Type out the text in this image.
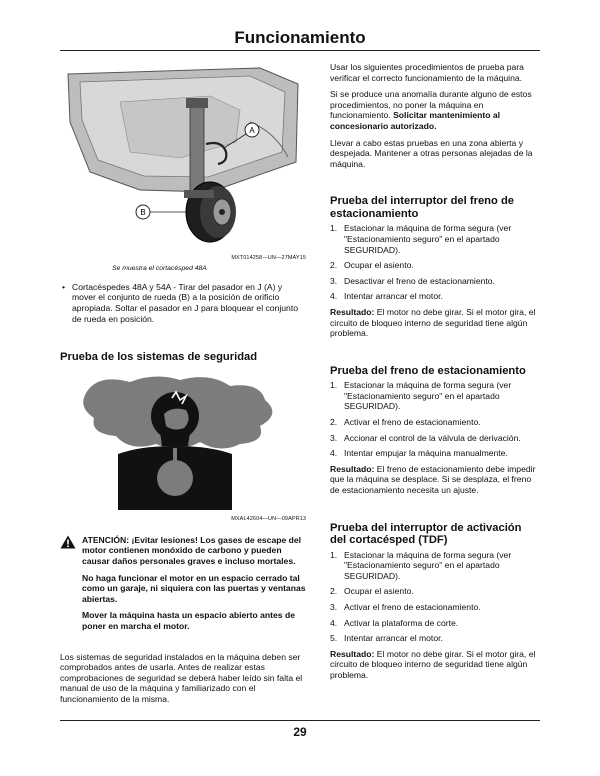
Funcionamiento
A
B
MXT014258—UN—27MAY15
Se muestra el cortacésped 48A
• Cortacéspedes 48A y 54A - Tirar del pasador en J (A) y mover el conjunto de rueda (B) a la posición de orificio apropiada. Soltar el pasador en J para bloquear el conjunto de rueda en posición.
Prueba de los sistemas de seguridad
MXAL42604—UN—09APR13

ATENCIÓN: ¡Evitar lesiones! Los gases de escape del motor contienen monóxido de carbono y pueden causar daños personales graves e incluso mortales.

No haga funcionar el motor en un espacio cerrado tal como un garaje, ni siquiera con las puertas y ventanas abiertas.

Mover la máquina hasta un espacio abierto antes de poner en marcha el motor.

Los sistemas de seguridad instalados en la máquina deben ser comprobados antes de usarla. Antes de realizar estas comprobaciones de seguridad se deberá haber leído sin falta el manual de uso de la máquina y familiarizado con el funcionamiento de la misma.

Usar los siguientes procedimientos de prueba para verificar el correcto funcionamiento de la máquina.

Si se produce una anomalía durante alguno de estos procedimientos, no poner la máquina en funcionamiento. Solicitar mantenimiento al concesionario autorizado.

Llevar a cabo estas pruebas en una zona abierta y despejada. Mantener a otras personas alejadas de la máquina.

Prueba del interruptor del freno de estacionamiento
1. Estacionar la máquina de forma segura (ver "Estacionamiento seguro" en el apartado SEGURIDAD).
2. Ocupar el asiento.
3. Desactivar el freno de estacionamiento.
4. Intentar arrancar el motor.

Resultado: El motor no debe girar. Si el motor gira, el circuito de bloqueo interno de seguridad tiene algún problema.

Prueba del freno de estacionamiento
1. Estacionar la máquina de forma segura (ver "Estacionamiento seguro" en el apartado SEGURIDAD).
2. Activar el freno de estacionamiento.
3. Accionar el control de la válvula de derivación.
4. Intentar empujar la máquina manualmente.

Resultado: El freno de estacionamiento debe impedir que la máquina se desplace. Si se desplaza, el freno de estacionamiento necesita un ajuste.

Prueba del interruptor de activación del cortacésped (TDF)
1. Estacionar la máquina de forma segura (ver "Estacionamiento seguro" en el apartado SEGURIDAD).
2. Ocupar el asiento.
3. Activar el freno de estacionamiento.
4. Activar la plataforma de corte.
5. Intentar arrancar el motor.

Resultado: El motor no debe girar. Si el motor gira, el circuito de bloqueo interno de seguridad tiene algún problema.

29
